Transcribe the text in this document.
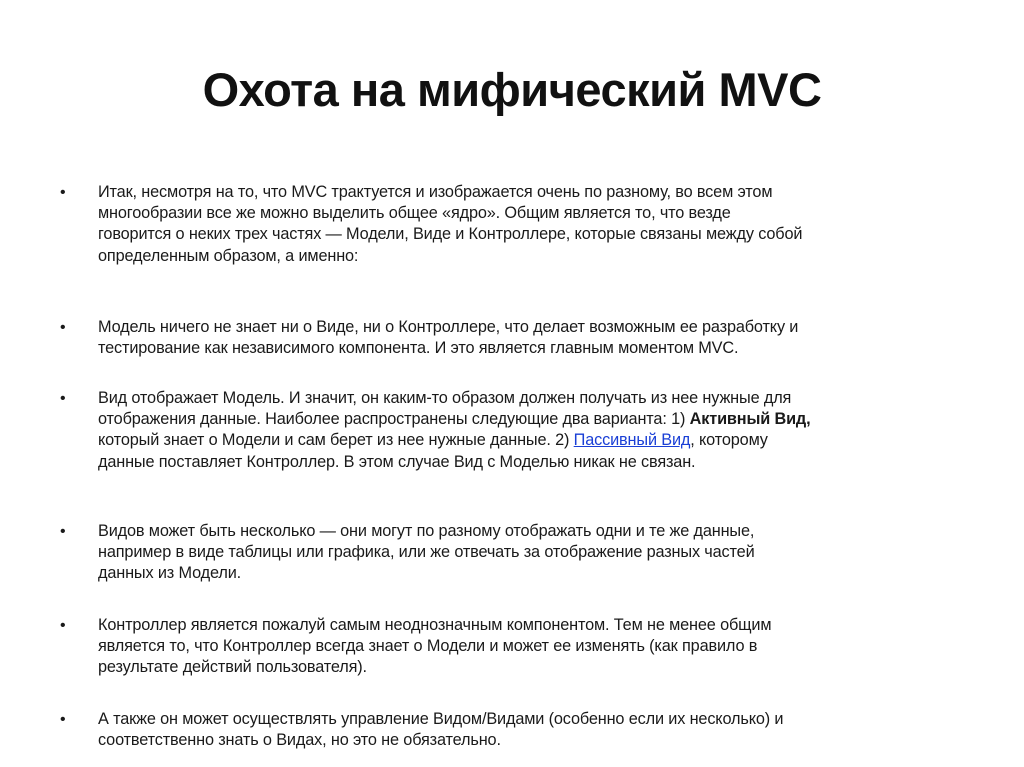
Охота на мифический MVC
• Итак, несмотря на то, что MVC трактуется и изображается очень по разному, во всем этом
многообразии все же можно выделить общее «ядро». Общим является то, что везде
говорится о неких трех частях — Модели, Виде и Контроллере, которые связаны между собой
определенным образом, а именно:
• Модель ничего не знает ни о Виде, ни о Контроллере, что делает возможным ее разработку и
тестирование как независимого компонента. И это является главным моментом MVC.
• Вид отображает Модель. И значит, он каким-то образом должен получать из нее нужные для
отображения данные. Наиболее распространены следующие два варианта: 1) Активный Вид,
который знает о Модели и сам берет из нее нужные данные. 2) Пассивный Вид, которому
данные поставляет Контроллер. В этом случае Вид с Моделью никак не связан.
• Видов может быть несколько — они могут по разному отображать одни и те же данные,
например в виде таблицы или графика, или же отвечать за отображение разных частей
данных из Модели.
• Контроллер является пожалуй самым неоднозначным компонентом. Тем не менее общим
является то, что Контроллер всегда знает о Модели и может ее изменять (как правило в
результате действий пользователя).
• А также он может осуществлять управление Видом/Видами (особенно если их несколько) и
соответственно знать о Видах, но это не обязательно.
